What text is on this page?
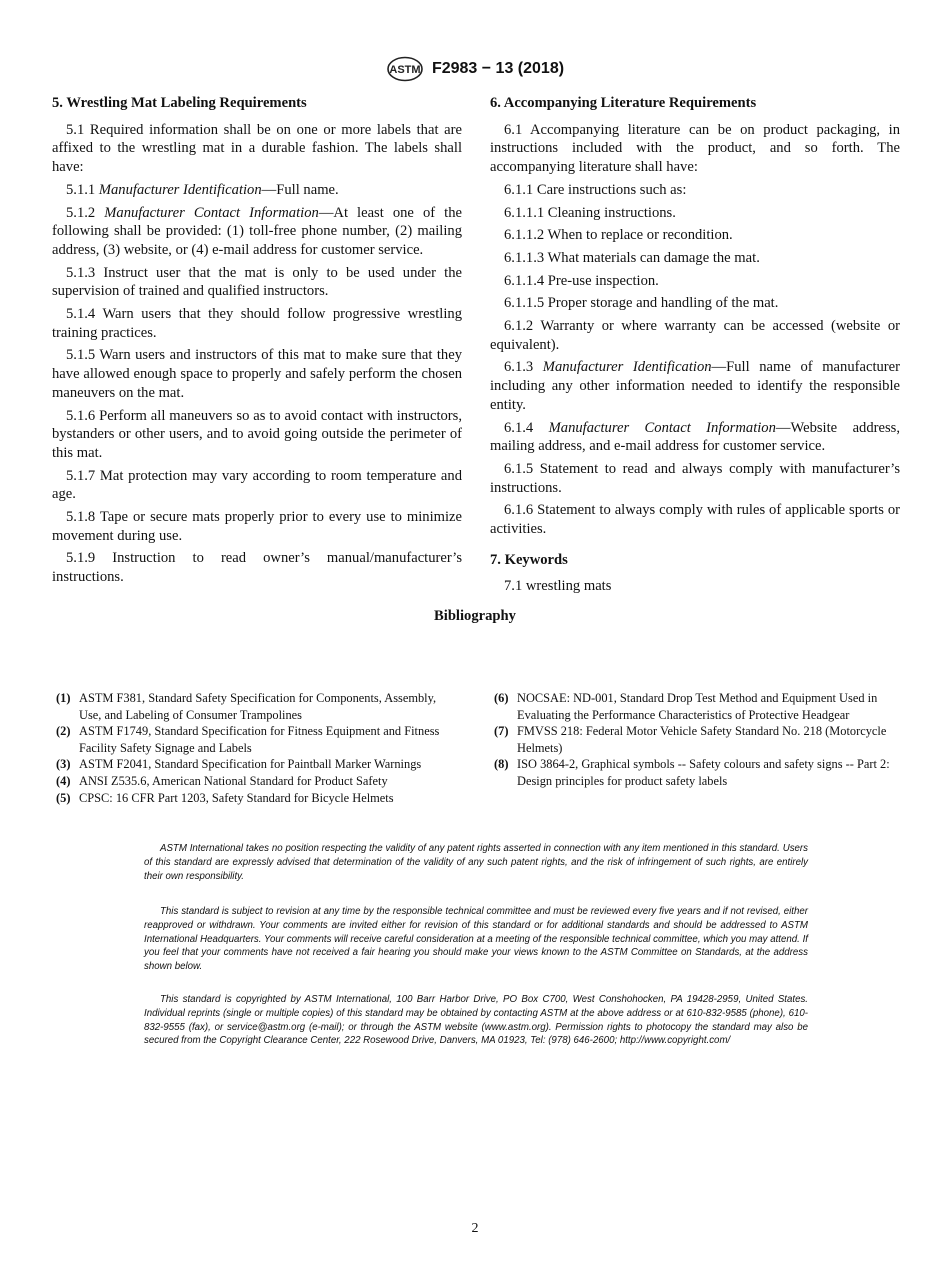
ASTM F2983 − 13 (2018)
5. Wrestling Mat Labeling Requirements

5.1 Required information shall be on one or more labels that are affixed to the wrestling mat in a durable fashion. The labels shall have:

5.1.1 Manufacturer Identification—Full name.

5.1.2 Manufacturer Contact Information—At least one of the following shall be provided: (1) toll-free phone number, (2) mailing address, (3) website, or (4) e-mail address for customer service.

5.1.3 Instruct user that the mat is only to be used under the supervision of trained and qualified instructors.

5.1.4 Warn users that they should follow progressive wrestling training practices.

5.1.5 Warn users and instructors of this mat to make sure that they have allowed enough space to properly and safely perform the chosen maneuvers on the mat.

5.1.6 Perform all maneuvers so as to avoid contact with instructors, bystanders or other users, and to avoid going outside the perimeter of this mat.

5.1.7 Mat protection may vary according to room temperature and age.

5.1.8 Tape or secure mats properly prior to every use to minimize movement during use.

5.1.9 Instruction to read owner’s manual/manufacturer’s instructions.

6. Accompanying Literature Requirements

6.1 Accompanying literature can be on product packaging, in instructions included with the product, and so forth. The accompanying literature shall have:

6.1.1 Care instructions such as:

6.1.1.1 Cleaning instructions.

6.1.1.2 When to replace or recondition.

6.1.1.3 What materials can damage the mat.

6.1.1.4 Pre-use inspection.

6.1.1.5 Proper storage and handling of the mat.

6.1.2 Warranty or where warranty can be accessed (website or equivalent).

6.1.3 Manufacturer Identification—Full name of manufacturer including any other information needed to identify the responsible entity.

6.1.4 Manufacturer Contact Information—Website address, mailing address, and e-mail address for customer service.

6.1.5 Statement to read and always comply with manufacturer’s instructions.

6.1.6 Statement to always comply with rules of applicable sports or activities.

7. Keywords

7.1 wrestling mats

Bibliography
(1) ASTM F381, Standard Safety Specification for Components, Assembly, Use, and Labeling of Consumer Trampolines
(2) ASTM F1749, Standard Specification for Fitness Equipment and Fitness Facility Safety Signage and Labels
(3) ASTM F2041, Standard Specification for Paintball Marker Warnings
(4) ANSI Z535.6, American National Standard for Product Safety
(5) CPSC: 16 CFR Part 1203, Safety Standard for Bicycle Helmets
(6) NOCSAE: ND-001, Standard Drop Test Method and Equipment Used in Evaluating the Performance Characteristics of Protective Headgear
(7) FMVSS 218: Federal Motor Vehicle Safety Standard No. 218 (Motorcycle Helmets)
(8) ISO 3864-2, Graphical symbols -- Safety colours and safety signs -- Part 2: Design principles for product safety labels

ASTM International takes no position respecting the validity of any patent rights asserted in connection with any item mentioned in this standard. Users of this standard are expressly advised that determination of the validity of any such patent rights, and the risk of infringement of such rights, are entirely their own responsibility.

This standard is subject to revision at any time by the responsible technical committee and must be reviewed every five years and if not revised, either reapproved or withdrawn. Your comments are invited either for revision of this standard or for additional standards and should be addressed to ASTM International Headquarters. Your comments will receive careful consideration at a meeting of the responsible technical committee, which you may attend. If you feel that your comments have not received a fair hearing you should make your views known to the ASTM Committee on Standards, at the address shown below.

This standard is copyrighted by ASTM International, 100 Barr Harbor Drive, PO Box C700, West Conshohocken, PA 19428-2959, United States. Individual reprints (single or multiple copies) of this standard may be obtained by contacting ASTM at the above address or at 610-832-9585 (phone), 610-832-9555 (fax), or service@astm.org (e-mail); or through the ASTM website (www.astm.org). Permission rights to photocopy the standard may also be secured from the Copyright Clearance Center, 222 Rosewood Drive, Danvers, MA 01923, Tel: (978) 646-2600; http://www.copyright.com/

2
